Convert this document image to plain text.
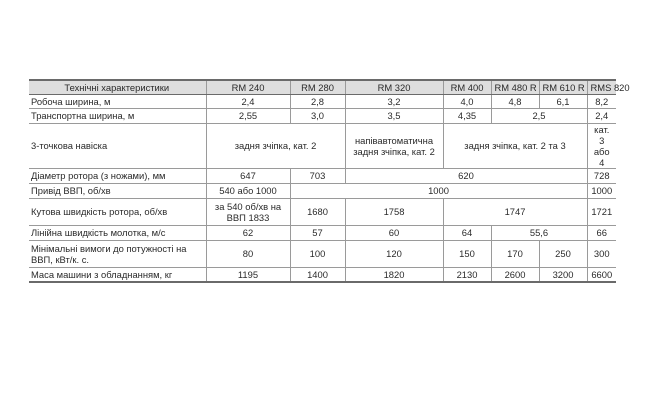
Технічні характеристики	RM 240	RM 280	RM 320	RM 400	RM 480 R	RM 610 R	RMS 820
Робоча ширина, м	2,4	2,8	3,2	4,0	4,8	6,1	8,2
Транспортна ширина, м	2,55	3,0	3,5	4,35	2,5		2,4
3-точкова навіска	задня зчіпка, кат. 2		напівавтоматична задня зчіпка, кат. 2	задня зчіпка, кат. 2 та 3			кат. 3 або 4
Діаметр ротора (з ножами), мм	647	703	620				728
Привід ВВП, об/хв	540 або 1000	1000					1000
Кутова швидкість ротора, об/хв	за 540 об/хв на ВВП 1833	1680	1758	1747			1721
Лінійна швидкість молотка, м/с	62	57	60	64	55,6		66
Мінімальні вимоги до потужності на ВВП, кВт/к. с.	80	100	120	150	170	250	300
Маса машини з обладнанням, кг	1195	1400	1820	2130	2600	3200	6600
